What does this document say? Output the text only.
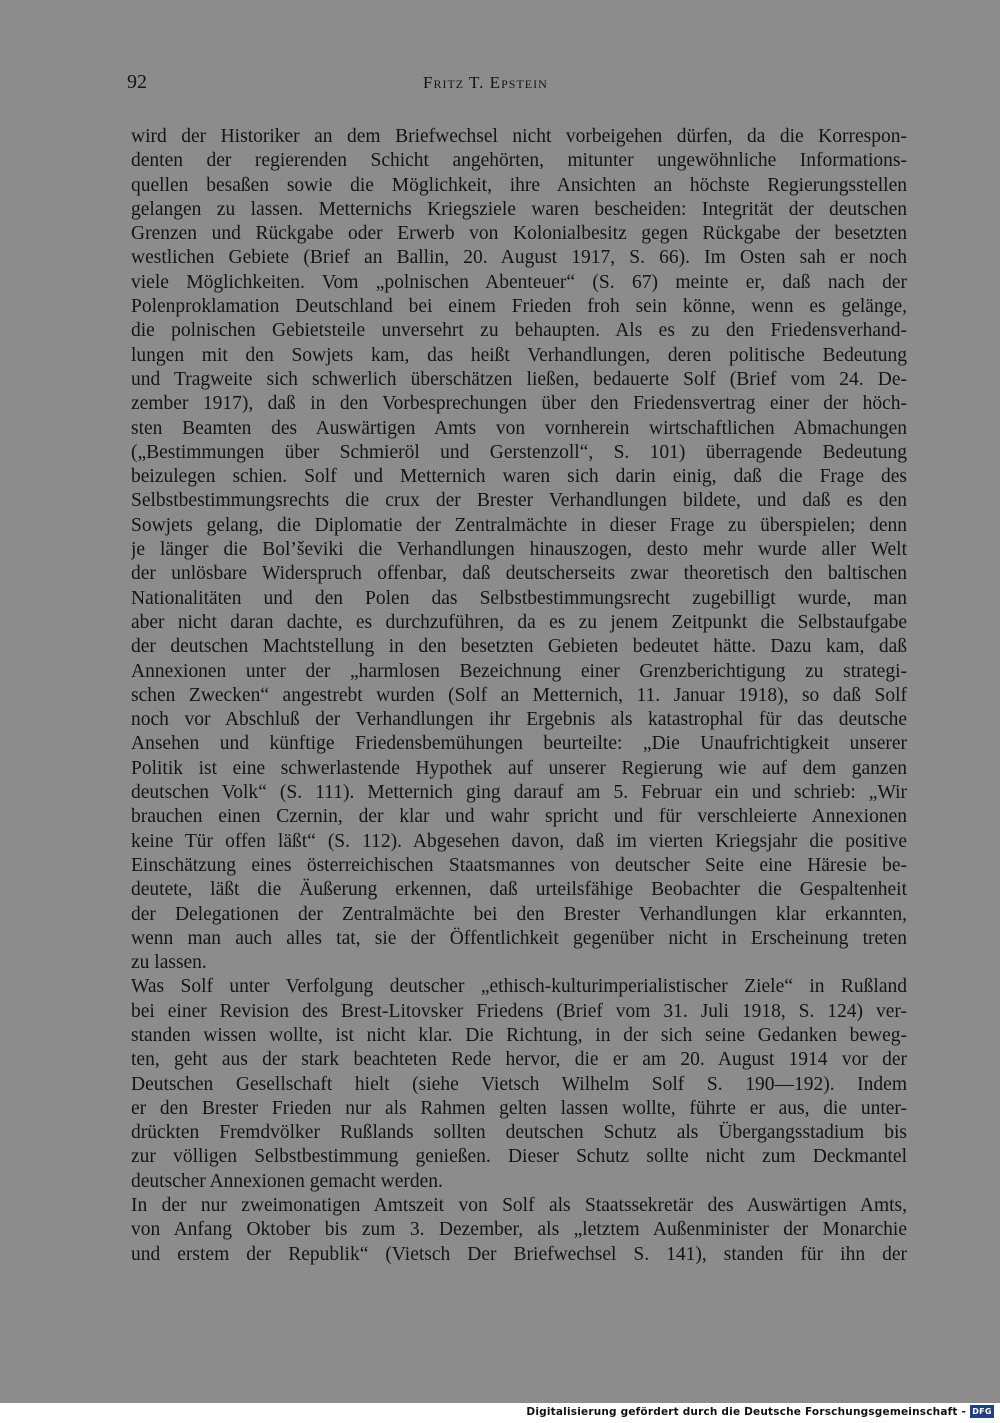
92	Fritz T. Epstein
wird der Historiker an dem Briefwechsel nicht vorbeigehen dürfen, da die Korrespon-
denten der regierenden Schicht angehörten, mitunter ungewöhnliche Informations-
quellen besaßen sowie die Möglichkeit, ihre Ansichten an höchste Regierungsstellen
gelangen zu lassen. Metternichs Kriegsziele waren bescheiden: Integrität der deutschen
Grenzen und Rückgabe oder Erwerb von Kolonialbesitz gegen Rückgabe der besetzten
westlichen Gebiete (Brief an Ballin, 20. August 1917, S. 66). Im Osten sah er noch
viele Möglichkeiten. Vom „polnischen Abenteuer“ (S. 67) meinte er, daß nach der
Polenproklamation Deutschland bei einem Frieden froh sein könne, wenn es gelänge,
die polnischen Gebietsteile unversehrt zu behaupten. Als es zu den Friedensverhand-
lungen mit den Sowjets kam, das heißt Verhandlungen, deren politische Bedeutung
und Tragweite sich schwerlich überschätzen ließen, bedauerte Solf (Brief vom 24. De-
zember 1917), daß in den Vorbesprechungen über den Friedensvertrag einer der höch-
sten Beamten des Auswärtigen Amts von vornherein wirtschaftlichen Abmachungen
(„Bestimmungen über Schmieröl und Gerstenzoll“, S. 101) überragende Bedeutung
beizulegen schien. Solf und Metternich waren sich darin einig, daß die Frage des
Selbstbestimmungsrechts die crux der Brester Verhandlungen bildete, und daß es den
Sowjets gelang, die Diplomatie der Zentralmächte in dieser Frage zu überspielen; denn
je länger die Bol’ševiki die Verhandlungen hinauszogen, desto mehr wurde aller Welt
der unlösbare Widerspruch offenbar, daß deutscherseits zwar theoretisch den baltischen
Nationalitäten und den Polen das Selbstbestimmungsrecht zugebilligt wurde, man
aber nicht daran dachte, es durchzuführen, da es zu jenem Zeitpunkt die Selbstaufgabe
der deutschen Machtstellung in den besetzten Gebieten bedeutet hätte. Dazu kam, daß
Annexionen unter der „harmlosen Bezeichnung einer Grenzberichtigung zu strategi-
schen Zwecken“ angestrebt wurden (Solf an Metternich, 11. Januar 1918), so daß Solf
noch vor Abschluß der Verhandlungen ihr Ergebnis als katastrophal für das deutsche
Ansehen und künftige Friedensbemühungen beurteilte: „Die Unaufrichtigkeit unserer
Politik ist eine schwerlastende Hypothek auf unserer Regierung wie auf dem ganzen
deutschen Volk“ (S. 111). Metternich ging darauf am 5. Februar ein und schrieb: „Wir
brauchen einen Czernin, der klar und wahr spricht und für verschleierte Annexionen
keine Tür offen läßt“ (S. 112). Abgesehen davon, daß im vierten Kriegsjahr die positive
Einschätzung eines österreichischen Staatsmannes von deutscher Seite eine Häresie be-
deutete, läßt die Äußerung erkennen, daß urteilsfähige Beobachter die Gespaltenheit
der Delegationen der Zentralmächte bei den Brester Verhandlungen klar erkannten,
wenn man auch alles tat, sie der Öffentlichkeit gegenüber nicht in Erscheinung treten
zu lassen.
Was Solf unter Verfolgung deutscher „ethisch-kulturimperialistischer Ziele“ in Rußland
bei einer Revision des Brest-Litovsker Friedens (Brief vom 31. Juli 1918, S. 124) ver-
standen wissen wollte, ist nicht klar. Die Richtung, in der sich seine Gedanken beweg-
ten, geht aus der stark beachteten Rede hervor, die er am 20. August 1914 vor der
Deutschen Gesellschaft hielt (siehe Vietsch Wilhelm Solf S. 190—192). Indem
er den Brester Frieden nur als Rahmen gelten lassen wollte, führte er aus, die unter-
drückten Fremdvölker Rußlands sollten deutschen Schutz als Übergangsstadium bis
zur völligen Selbstbestimmung genießen. Dieser Schutz sollte nicht zum Deckmantel
deutscher Annexionen gemacht werden.
In der nur zweimonatigen Amtszeit von Solf als Staatssekretär des Auswärtigen Amts,
von Anfang Oktober bis zum 3. Dezember, als „letztem Außenminister der Monarchie
und erstem der Republik“ (Vietsch Der Briefwechsel S. 141), standen für ihn der
Digitalisierung gefördert durch die Deutsche Forschungsgemeinschaft - DFG
